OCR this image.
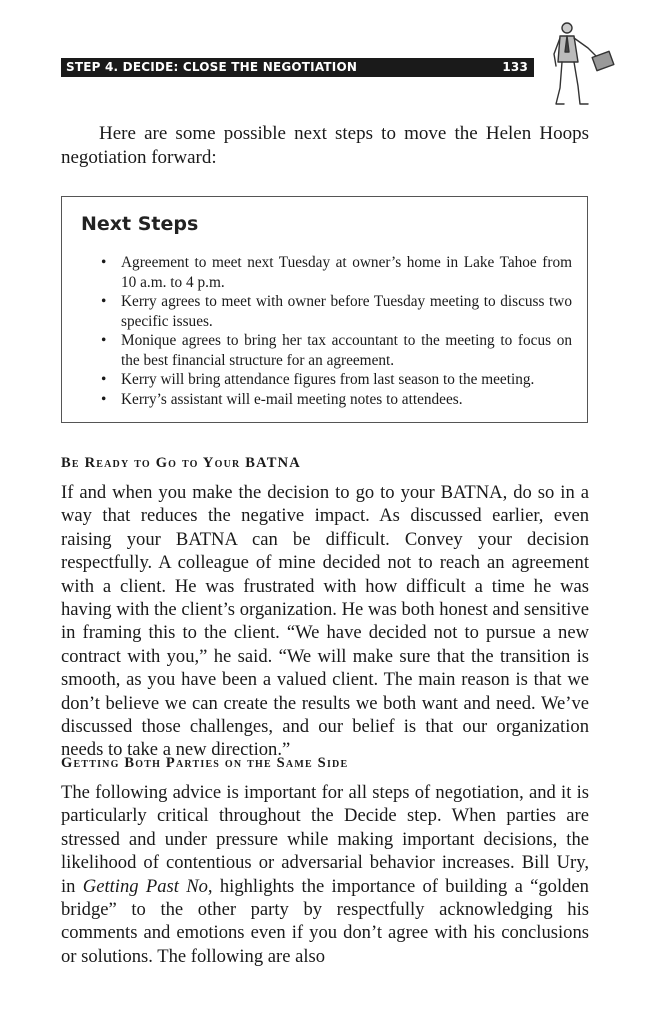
STEP 4. DECIDE: CLOSE THE NEGOTIATION	133

Here are some possible next steps to move the Helen Hoops negotiation forward:

Next Steps
• Agreement to meet next Tuesday at owner’s home in Lake Tahoe from 10 a.m. to 4 p.m.
• Kerry agrees to meet with owner before Tuesday meeting to discuss two specific issues.
• Monique agrees to bring her tax accountant to the meeting to focus on the best financial structure for an agreement.
• Kerry will bring attendance figures from last season to the meeting.
• Kerry’s assistant will e-mail meeting notes to attendees.
Be Ready to Go to Your BATNA

If and when you make the decision to go to your BATNA, do so in a way that reduces the negative impact. As discussed earlier, even raising your BATNA can be difficult. Convey your decision respectfully. A colleague of mine decided not to reach an agreement with a client. He was frustrated with how difficult a time he was having with the client’s organization. He was both honest and sensitive in framing this to the client. “We have decided not to pursue a new contract with you,” he said. “We will make sure that the transition is smooth, as you have been a valued client. The main reason is that we don’t believe we can create the results we both want and need. We’ve discussed those challenges, and our belief is that our organization needs to take a new direction.”

Getting Both Parties on the Same Side

The following advice is important for all steps of negotiation, and it is particularly critical throughout the Decide step. When parties are stressed and under pressure while making important decisions, the likelihood of contentious or adversarial behavior increases. Bill Ury, in Getting Past No, highlights the importance of building a “golden bridge” to the other party by respectfully acknowledging his comments and emotions even if you don’t agree with his conclusions or solutions. The following are also
